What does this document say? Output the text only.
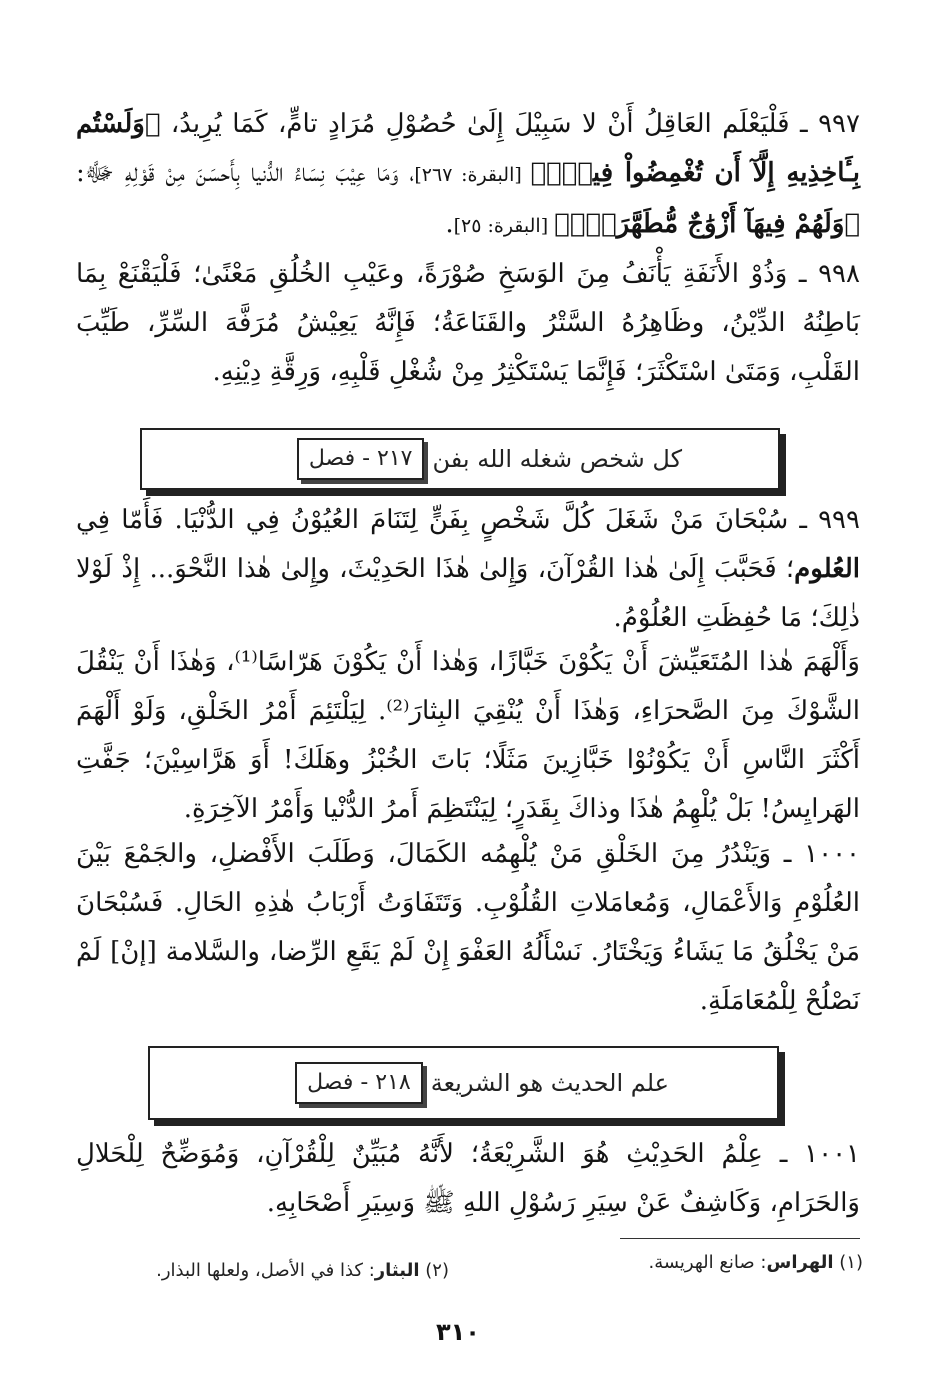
٩٩٧ ـ فَلْيَعْلَم العَاقِلُ أَنْ لا سَبِيْلَ إِلَىٰ حُصُوْلِ مُرَادٍ تامٍّ، كَمَا يُرِيدُ، ﴿وَلَسْتُم بِـَٔاخِذِيهِ إِلَّآ أَن تُغْمِضُواْ فِيهِۚ﴾ [البقرة: ٢٦٧]، وَمَا عِيْبَ نِسَاءُ الدُّنيا بِأَحسَنَ مِنْ قَوْلِهِ ﷻ: ﴿وَلَهُمْ فِيهَآ أَزْوَٰجٌ مُّطَهَّرَةٌۖ﴾ [البقرة: ٢٥].
٩٩٨ ـ وَذُوْ الأَنَفَةِ يَأْنَفُ مِنَ الوَسَخِ صُوْرَةً، وعَيْبِ الخُلُقِ مَعْنًىٰ؛ فَلْيَقْنَعْ بِمَا بَاطِنُهُ الدِّيْنُ، وظَاهِرُهُ السَّتْرُ والقَنَاعَةُ؛ فَإِنَّهُ يَعِيْشُ مُرَفَّهَ السِّرِّ، طَيِّبَ القَلْبِ، وَمَتَىٰ اسْتَكْثَرَ؛ فَإِنَّمَا يَسْتَكْثِرُ مِنْ شُغْلِ قَلْبِهِ، وَرِقَّةِ دِيْنِهِ.
٢١٧ - فصل كل شخص شغله الله بفن
٩٩٩ ـ سُبْحَانَ مَنْ شَغَلَ كُلَّ شَخْصٍ بِفَنٍّ لِتَنَامَ العُيُوْنُ فِي الدُّنْيَا. فَأَمّا فِي العُلوم؛ فَحَبَّبَ إِلَىٰ هٰذا القُرْآنَ، وَإِلىٰ هٰذَا الحَدِيْثَ، وإِلىٰ هٰذا النَّحْوَ... إِذْ لَوْلا ذٰلِكَ؛ مَا حُفِظَتِ العُلُوْمُ.
وَأَلْهَمَ هٰذا المُتَعَيِّشَ أَنْ يَكُوْنَ خَبَّازًا، وَهٰذا أَنْ يَكُوْنَ هَرّاسًا⁽¹⁾، وَهٰذَا أَنْ يَنْقُلَ الشَّوْكَ مِنَ الصَّحرَاءِ، وَهٰذَا أَنْ يُنْقِيَ البِثارَ⁽²⁾. لِيَلْتَئِمَ أَمْرُ الخَلْقِ، وَلَوْ أَلْهَمَ أَكْثَرَ النَّاسِ أَنْ يَكُوْنُوْا خَبَّازِينَ مَثَلًا؛ بَاتَ الخُبْزُ وهَلَكَ! أَوَ هَرَّاسِيْنَ؛ جَفَّتِ الهَرايِسُ! بَلْ يُلْهِمُ هٰذَا وذاكَ بِقَدَرٍ؛ لِيَنْتَظِمَ أَمرُ الدُّنْيا وَأَمْرُ الآخِرَةِ.
١٠٠٠ ـ وَيَنْدُرُ مِنَ الخَلْقِ مَنْ يُلْهِمُه الكَمَالَ، وَطَلَبَ الأَفْضلِ، والجَمْعَ بَيْنَ العُلُوْمِ وَالأَعْمَالِ، وَمُعامَلاتِ القُلُوْبِ. وَتَتَفَاوَتُ أَرْبَابُ هٰذِهِ الحَالِ. فَسُبْحَانَ مَنْ يَخْلُقُ مَا يَشَاءُ وَيَخْتَارُ. نَسْأَلُهُ العَفْوَ إِنْ لَمْ يَقَعِ الرِّضا، والسَّلامة [إنْ] لَمْ نَصْلُحْ لِلْمُعَامَلَةِ.
٢١٨ - فصل علم الحديث هو الشريعة
١٠٠١ ـ عِلْمُ الحَدِيْثِ هُوَ الشَّرِيْعَةُ؛ لأَنَّهُ مُبَيِّنٌ لِلْقُرْآنِ، وَمُوَضِّحٌ لِلْحَلالِ وَالحَرَامِ، وَكَاشِفٌ عَنْ سِيَرِ رَسُوْلِ اللهِ ﷺ وَسِيَرِ أَصْحَابِهِ.
(١) الهراس: صانع الهريسة.
(٢) البثار: كذا في الأصل، ولعلها البذار.
٣١٠
